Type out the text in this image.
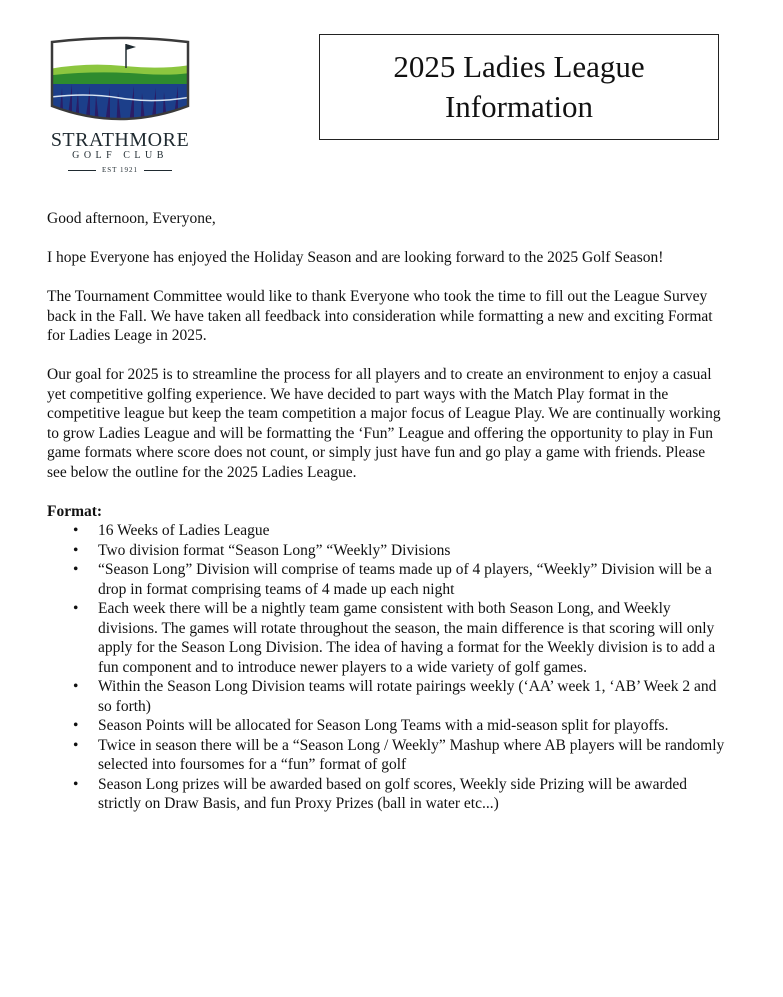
STRATHMORE
GOLF CLUB
EST 1921
2025 Ladies League
Information

Good afternoon, Everyone,

I hope Everyone has enjoyed the Holiday Season and are looking forward to the 2025 Golf Season!

The Tournament Committee would like to thank Everyone who took the time to fill out the League Survey back in the Fall. We have taken all feedback into consideration while formatting a new and exciting Format for Ladies Leage in 2025.

Our goal for 2025 is to streamline the process for all players and to create an environment to enjoy a casual yet competitive golfing experience. We have decided to part ways with the Match Play format in the competitive league but keep the team competition a major focus of League Play. We are continually working to grow Ladies League and will be formatting the ‘Fun” League and offering the opportunity to play in Fun game formats where score does not count, or simply just have fun and go play a game with friends. Please see below the outline for the 2025 Ladies League.

Format:
• 16 Weeks of Ladies League
• Two division format “Season Long” “Weekly” Divisions
• “Season Long” Division will comprise of teams made up of 4 players, “Weekly” Division will be a drop in format comprising teams of 4 made up each night
• Each week there will be a nightly team game consistent with both Season Long, and Weekly divisions. The games will rotate throughout the season, the main difference is that scoring will only apply for the Season Long Division. The idea of having a format for the Weekly division is to add a fun component and to introduce newer players to a wide variety of golf games.
• Within the Season Long Division teams will rotate pairings weekly (‘AA’ week 1, ‘AB’ Week 2 and so forth)
• Season Points will be allocated for Season Long Teams with a mid-season split for playoffs.
• Twice in season there will be a “Season Long / Weekly” Mashup where AB players will be randomly selected into foursomes for a “fun” format of golf
• Season Long prizes will be awarded based on golf scores, Weekly side Prizing will be awarded strictly on Draw Basis, and fun Proxy Prizes (ball in water etc...)
